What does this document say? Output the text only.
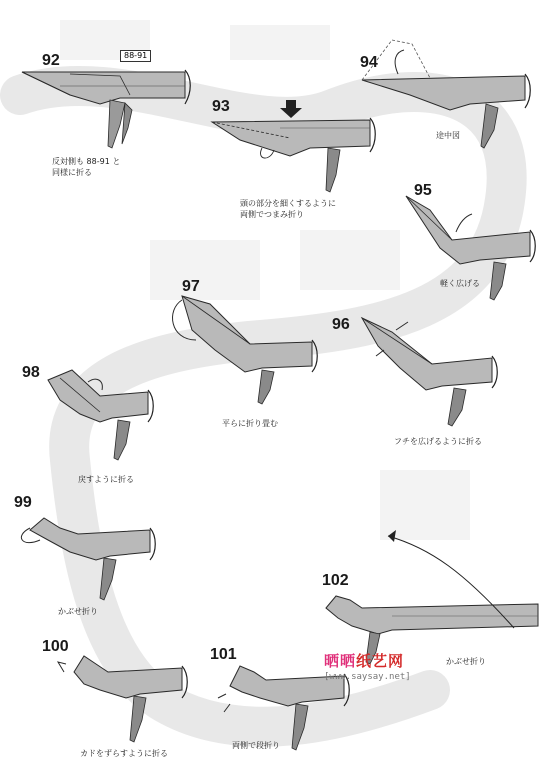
92	88-91
93
94
95
96
97
98
99
100	101
102
反対側も 88-91 と
同様に折る
頭の部分を細くするように
両側でつまみ折り
途中図
軽く広げる
フチを広げるように折る
平らに折り畳む
戻すように折る
かぶせ折り
カドをずらすように折る
両側で段折り
かぶせ折り
晒晒纸艺网
[www.saysay.net]
